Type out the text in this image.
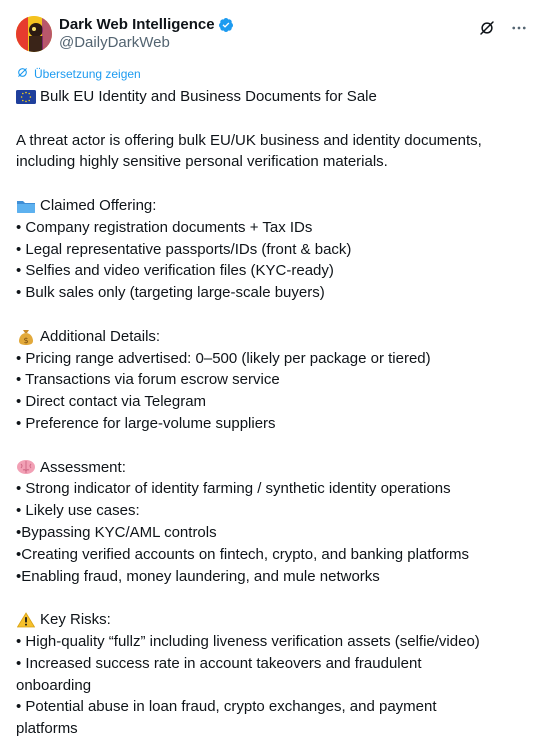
Dark Web Intelligence
@DailyDarkWeb
Übersetzung zeigen
Bulk EU Identity and Business Documents for Sale
A threat actor is offering bulk EU/UK business and identity documents,
including highly sensitive personal verification materials.
Claimed Offering:
• Company registration documents + Tax IDs
• Legal representative passports/IDs (front & back)
• Selfies and video verification files (KYC-ready)
• Bulk sales only (targeting large-scale buyers)
$ Additional Details:
• Pricing range advertised: 0–500 (likely per package or tiered)
• Transactions via forum escrow service
• Direct contact via Telegram
• Preference for large-volume suppliers
Assessment:
• Strong indicator of identity farming / synthetic identity operations
• Likely use cases:
•Bypassing KYC/AML controls
•Creating verified accounts on fintech, crypto, and banking platforms
•Enabling fraud, money laundering, and mule networks
Key Risks:
• High-quality “fullz” including liveness verification assets (selfie/video)
• Increased success rate in account takeovers and fraudulent
onboarding
• Potential abuse in loan fraud, crypto exchanges, and payment
platforms
